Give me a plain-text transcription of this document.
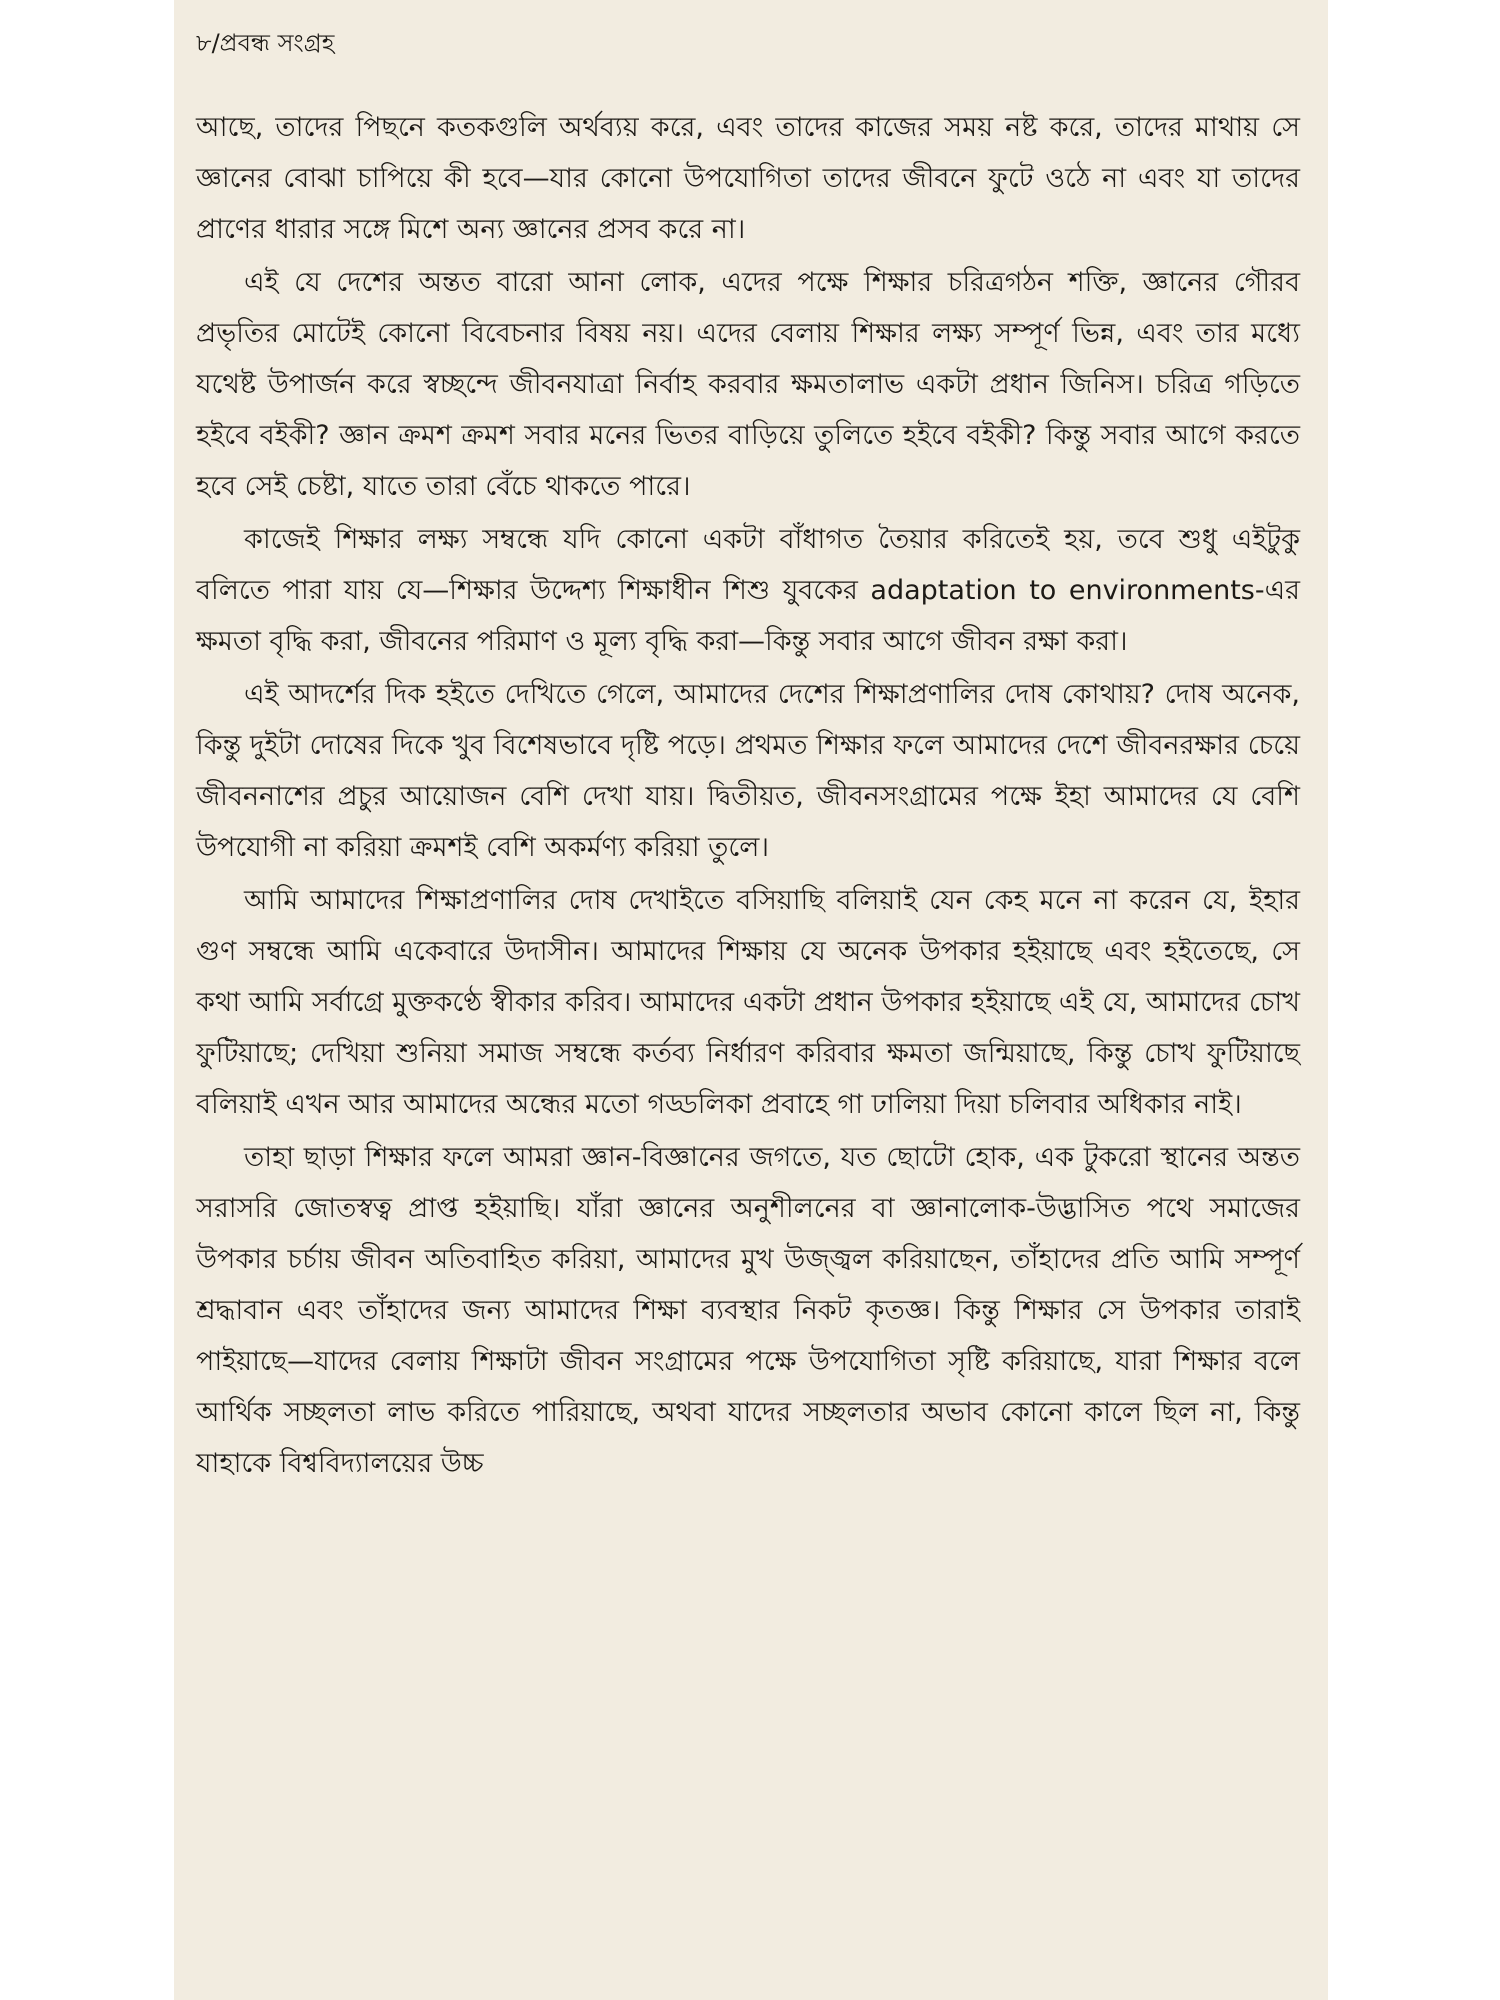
৮/প্রবন্ধ সংগ্রহ

আছে, তাদের পিছনে কতকগুলি অর্থব্যয় করে, এবং তাদের কাজের সময় নষ্ট করে, তাদের মাথায় সে জ্ঞানের বোঝা চাপিয়ে কী হবে—যার কোনো উপযোগিতা তাদের জীবনে ফুটে ওঠে না এবং যা তাদের প্রাণের ধারার সঙ্গে মিশে অন্য জ্ঞানের প্রসব করে না।

এই যে দেশের অন্তত বারো আনা লোক, এদের পক্ষে শিক্ষার চরিত্রগঠন শক্তি, জ্ঞানের গৌরব প্রভৃতির মোটেই কোনো বিবেচনার বিষয় নয়। এদের বেলায় শিক্ষার লক্ষ্য সম্পূর্ণ ভিন্ন, এবং তার মধ্যে যথেষ্ট উপার্জন করে স্বচ্ছন্দে জীবনযাত্রা নির্বাহ করবার ক্ষমতালাভ একটা প্রধান জিনিস। চরিত্র গড়িতে হইবে বইকী? জ্ঞান ক্রমশ ক্রমশ সবার মনের ভিতর বাড়িয়ে তুলিতে হইবে বইকী? কিন্তু সবার আগে করতে হবে সেই চেষ্টা, যাতে তারা বেঁচে থাকতে পারে।

কাজেই শিক্ষার লক্ষ্য সম্বন্ধে যদি কোনো একটা বাঁধাগত তৈয়ার করিতেই হয়, তবে শুধু এইটুকু বলিতে পারা যায় যে—শিক্ষার উদ্দেশ্য শিক্ষাধীন শিশু যুবকের adaptation to environments-এর ক্ষমতা বৃদ্ধি করা, জীবনের পরিমাণ ও মূল্য বৃদ্ধি করা—কিন্তু সবার আগে জীবন রক্ষা করা।

এই আদর্শের দিক হইতে দেখিতে গেলে, আমাদের দেশের শিক্ষাপ্রণালির দোষ কোথায়? দোষ অনেক, কিন্তু দুইটা দোষের দিকে খুব বিশেষভাবে দৃষ্টি পড়ে। প্রথমত শিক্ষার ফলে আমাদের দেশে জীবনরক্ষার চেয়ে জীবননাশের প্রচুর আয়োজন বেশি দেখা যায়। দ্বিতীয়ত, জীবনসংগ্রামের পক্ষে ইহা আমাদের যে বেশি উপযোগী না করিয়া ক্রমশই বেশি অকর্মণ্য করিয়া তুলে।

আমি আমাদের শিক্ষাপ্রণালির দোষ দেখাইতে বসিয়াছি বলিয়াই যেন কেহ মনে না করেন যে, ইহার গুণ সম্বন্ধে আমি একেবারে উদাসীন। আমাদের শিক্ষায় যে অনেক উপকার হইয়াছে এবং হইতেছে, সে কথা আমি সর্বাগ্রে মুক্তকণ্ঠে স্বীকার করিব। আমাদের একটা প্রধান উপকার হইয়াছে এই যে, আমাদের চোখ ফুটিয়াছে; দেখিয়া শুনিয়া সমাজ সম্বন্ধে কর্তব্য নির্ধারণ করিবার ক্ষমতা জন্মিয়াছে, কিন্তু চোখ ফুটিয়াছে বলিয়াই এখন আর আমাদের অন্ধের মতো গড্ডলিকা প্রবাহে গা ঢালিয়া দিয়া চলিবার অধিকার নাই।

তাহা ছাড়া শিক্ষার ফলে আমরা জ্ঞান-বিজ্ঞানের জগতে, যত ছোটো হোক, এক টুকরো স্থানের অন্তত সরাসরি জোতস্বত্ব প্রাপ্ত হইয়াছি। যাঁরা জ্ঞানের অনুশীলনের বা জ্ঞানালোক-উদ্ভাসিত পথে সমাজের উপকার চর্চায় জীবন অতিবাহিত করিয়া, আমাদের মুখ উজ্জ্বল করিয়াছেন, তাঁহাদের প্রতি আমি সম্পূর্ণ শ্রদ্ধাবান এবং তাঁহাদের জন্য আমাদের শিক্ষা ব্যবস্থার নিকট কৃতজ্ঞ। কিন্তু শিক্ষার সে উপকার তারাই পাইয়াছে—যাদের বেলায় শিক্ষাটা জীবন সংগ্রামের পক্ষে উপযোগিতা সৃষ্টি করিয়াছে, যারা শিক্ষার বলে আর্থিক সচ্ছলতা লাভ করিতে পারিয়াছে, অথবা যাদের সচ্ছলতার অভাব কোনো কালে ছিল না, কিন্তু যাহাকে বিশ্ববিদ্যালয়ের উচ্চ
